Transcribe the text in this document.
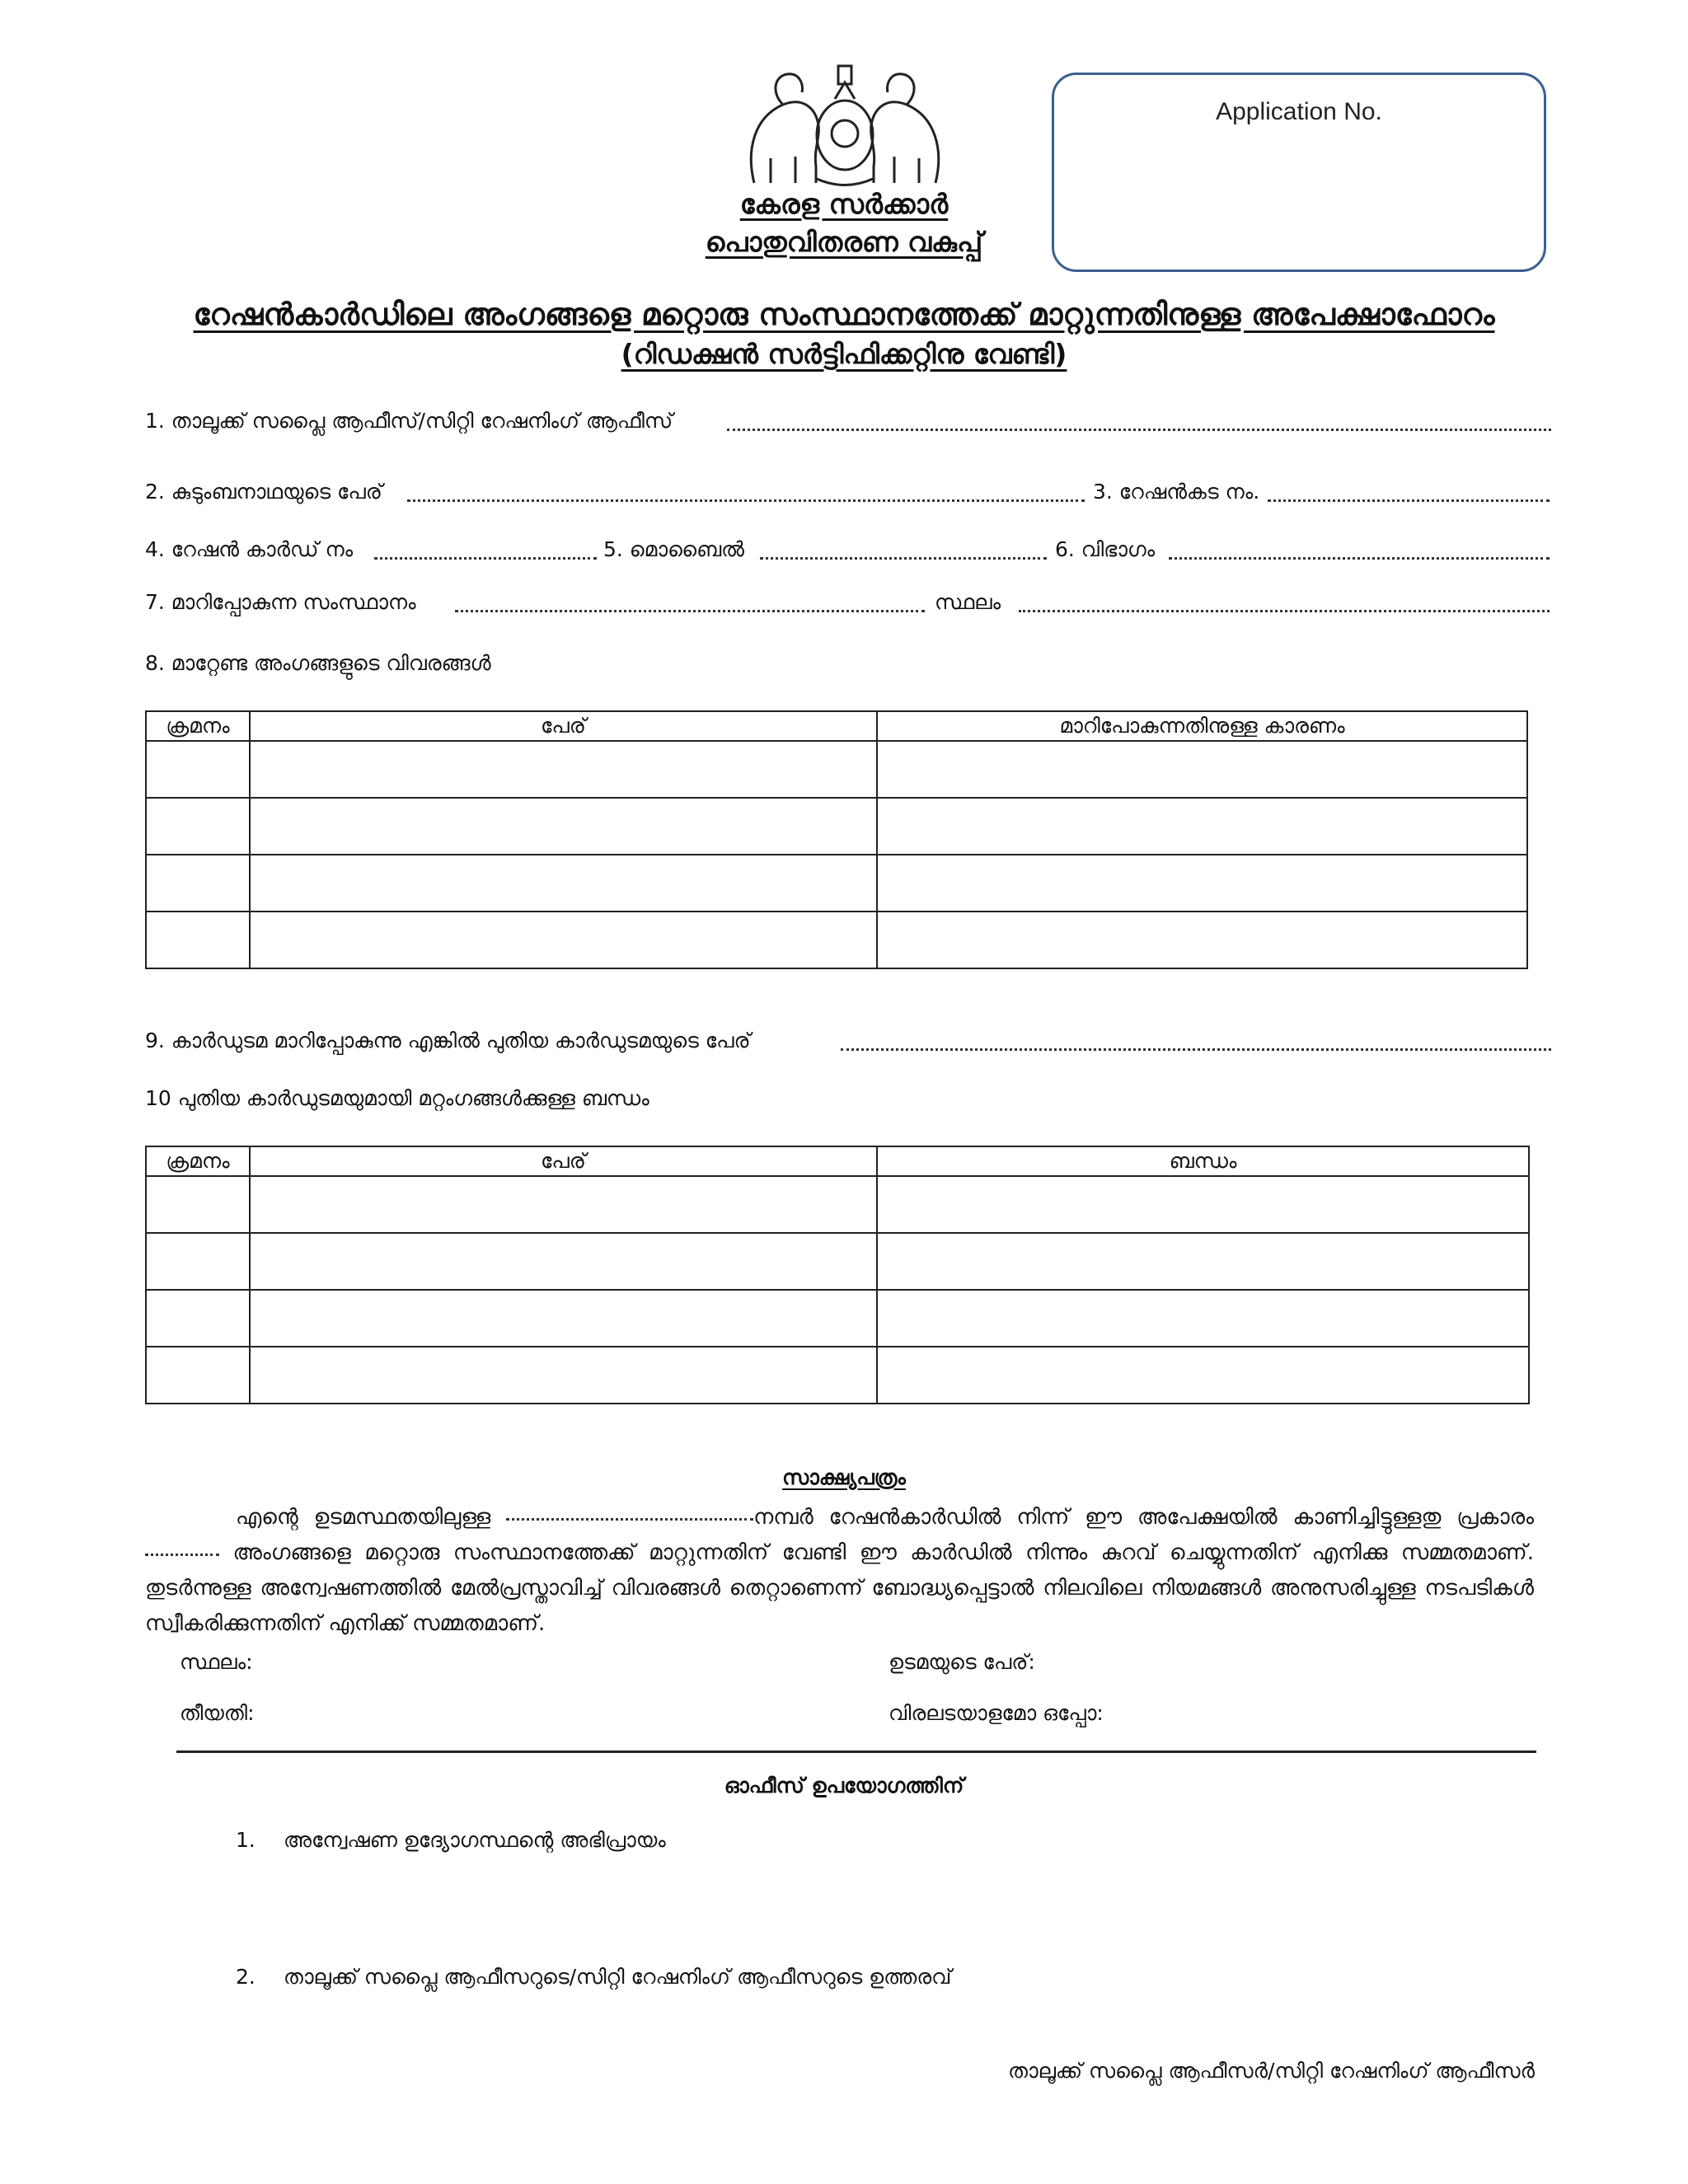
Application No.
കേരള സർക്കാർ
പൊതുവിതരണ വകുപ്പ്
റേഷൻകാർഡിലെ അംഗങ്ങളെ മറ്റൊരു സംസ്ഥാനത്തേക്ക് മാറ്റുന്നതിനുള്ള അപേക്ഷാഫോറം
(റിഡക്ഷൻ സർട്ടിഫിക്കറ്റിനു വേണ്ടി)
1. താലൂക്ക് സപ്ലൈ ആഫീസ്/സിറ്റി റേഷനിംഗ് ആഫീസ്
2. കുടുംബനാഥയുടെ പേര്	3. റേഷൻകട നം.
4. റേഷൻ കാർഡ് നം	5. മൊബൈൽ	6. വിഭാഗം
7. മാറിപ്പോകുന്ന സംസ്ഥാനം	സ്ഥലം
8. മാറ്റേണ്ട അംഗങ്ങളുടെ വിവരങ്ങൾ
ക്രമനം	പേര്	മാറിപോകുന്നതിനുള്ള കാരണം

9. കാർഡുടമ മാറിപ്പോകുന്നു എങ്കിൽ പുതിയ കാർഡുടമയുടെ പേര്
10 പുതിയ കാർഡുടമയുമായി മറ്റംഗങ്ങൾക്കുള്ള ബന്ധം
ക്രമനം	പേര്	ബന്ധം

സാക്ഷ്യപത്രം
എന്റെ ഉടമസ്ഥതയിലുള്ള	നമ്പർ റേഷൻകാർഡിൽ നിന്ന് ഈ അപേക്ഷയിൽ കാണിച്ചിട്ടുള്ളതു പ്രകാരം  അംഗങ്ങളെ മറ്റൊരു സംസ്ഥാനത്തേക്ക് മാറ്റുന്നതിന് വേണ്ടി ഈ കാർഡിൽ നിന്നും കുറവ് ചെയ്യുന്നതിന് എനിക്കു സമ്മതമാണ്. തുടർന്നുള്ള അന്വേഷണത്തിൽ മേൽപ്രസ്താവിച്ച് വിവരങ്ങൾ തെറ്റാണെന്ന് ബോദ്ധ്യപ്പെട്ടാൽ നിലവിലെ നിയമങ്ങൾ അനുസരിച്ചുള്ള നടപടികൾ സ്വീകരിക്കുന്നതിന് എനിക്ക് സമ്മതമാണ്.
സ്ഥലം:	ഉടമയുടെ പേര്:
തീയതി:	വിരലടയാളമോ ഒപ്പോ:
ഓഫീസ് ഉപയോഗത്തിന്
1. അന്വേഷണ ഉദ്യോഗസ്ഥന്റെ അഭിപ്രായം
2. താലൂക്ക് സപ്ലൈ ആഫീസറുടെ/സിറ്റി റേഷനിംഗ് ആഫീസറുടെ ഉത്തരവ്
താലൂക്ക് സപ്ലൈ ആഫീസർ/സിറ്റി റേഷനിംഗ് ആഫീസർ
